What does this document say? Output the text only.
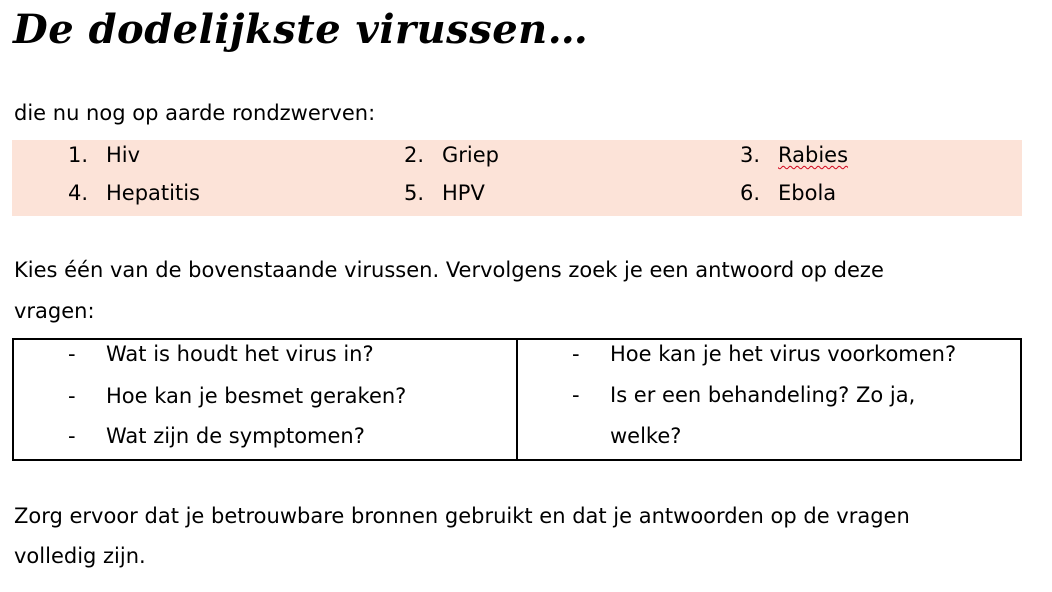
De dodelijkste virussen…
die nu nog op aarde rondzwerven:
1. Hiv	2. Griep	3. Rabies
4. Hepatitis	5. HPV	6. Ebola
Kies één van de bovenstaande virussen. Vervolgens zoek je een antwoord op deze
vragen:
- Wat is houdt het virus in?
- Hoe kan je besmet geraken?
- Wat zijn de symptomen?
- Hoe kan je het virus voorkomen?
- Is er een behandeling? Zo ja,
welke?
Zorg ervoor dat je betrouwbare bronnen gebruikt en dat je antwoorden op de vragen
volledig zijn.
